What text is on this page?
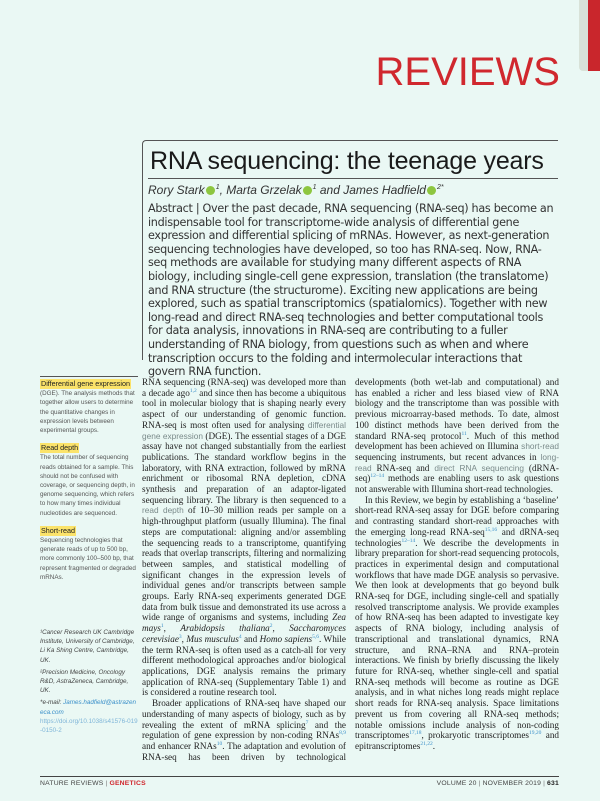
REVIEWS
RNA sequencing: the teenage years
Rory Stark $^1$, Marta Grzelak $^1$ and James Hadfield $^{2*}$
Abstract | Over the past decade, RNA sequencing (RNA-seq) has become an indispensable tool for transcriptome-wide analysis of differential gene expression and differential splicing of mRNAs. However, as next-generation sequencing technologies have developed, so too has RNA-seq. Now, RNA-seq methods are available for studying many different aspects of RNA biology, including single-cell gene expression, translation (the translatome) and RNA structure (the structurome). Exciting new applications are being explored, such as spatial transcriptomics (spatialomics). Together with new long-read and direct RNA-seq technologies and better computational tools for data analysis, innovations in RNA-seq are contributing to a fuller understanding of RNA biology, from questions such as when and where transcription occurs to the folding and intermolecular interactions that govern RNA function.
Differential gene expression
(DGE). The analysis methods that together allow users to determine the quantitative changes in expression levels between experimental groups.
Read depth
The total number of sequencing reads obtained for a sample. This should not be confused with coverage, or sequencing depth, in genome sequencing, which refers to how many times individual nucleotides are sequenced.
Short-read
Sequencing technologies that generate reads of up to 500 bp, more commonly 100–500 bp, that represent fragmented or degraded mRNAs.

¹Cancer Research UK Cambridge Institute, University of Cambridge, Li Ka Shing Centre, Cambridge, UK.

²Precision Medicine, Oncology R&D, AstraZeneca, Cambridge, UK.

*e-mail: James.hadfield@astrazeneca.com
https://doi.org/10.1038/s41576-019-0150-2

RNA sequencing (RNA-seq) was developed more than a decade ago$^{1,2}$ and since then has become a ubiquitous tool in molecular biology that is shaping nearly every aspect of our understanding of genomic function. RNA-seq is most often used for analysing differential gene expression (DGE). The essential stages of a DGE assay have not changed substantially from the earliest publications. The standard workflow begins in the laboratory, with RNA extraction, followed by mRNA enrichment or ribosomal RNA depletion, cDNA synthesis and preparation of an adaptor-ligated sequencing library. The library is then sequenced to a read depth of 10–30 million reads per sample on a high-throughput platform (usually Illumina). The final steps are computational: aligning and/or assembling the sequencing reads to a transcriptome, quantifying reads that overlap transcripts, filtering and normalizing between samples, and statistical modelling of significant changes in the expression levels of individual genes and/or transcripts between sample groups. Early RNA-seq experiments generated DGE data from bulk tissue and demonstrated its use across a wide range of organisms and systems, including Zea mays$^1$, Arabidopsis thaliana$^2$, Saccharomyces cerevisiae$^3$, Mus musculus$^4$ and Homo sapiens$^{5,6}$. While the term RNA-seq is often used as a catch-all for very different methodological approaches and/or biological applications, DGE analysis remains the primary application of RNA-seq (Supplementary Table 1) and is considered a routine research tool.

Broader applications of RNA-seq have shaped our understanding of many aspects of biology, such as by revealing the extent of mRNA splicing$^7$ and the regulation of gene expression by non-coding RNAs$^{8,9}$ and enhancer RNAs$^{10}$. The adaptation and evolution of RNA-seq has been driven by technological developments (both wet-lab and computational) and has enabled a richer and less biased view of RNA biology and the transcriptome than was possible with previous microarray-based methods. To date, almost 100 distinct methods have been derived from the standard RNA-seq protocol$^{11}$. Much of this method development has been achieved on Illumina short-read sequencing instruments, but recent advances in long-read RNA-seq and direct RNA sequencing (dRNA-seq)$^{12-14}$ methods are enabling users to ask questions not answerable with Illumina short-read technologies.

In this Review, we begin by establishing a ‘baseline’ short-read RNA-seq assay for DGE before comparing and contrasting standard short-read approaches with the emerging long-read RNA-seq$^{15,16}$ and dRNA-seq technologies$^{12-14}$. We describe the developments in library preparation for short-read sequencing protocols, practices in experimental design and computational workflows that have made DGE analysis so pervasive. We then look at developments that go beyond bulk RNA-seq for DGE, including single-cell and spatially resolved transcriptome analysis. We provide examples of how RNA-seq has been adapted to investigate key aspects of RNA biology, including analysis of transcriptional and translational dynamics, RNA structure, and RNA–RNA and RNA–protein interactions. We finish by briefly discussing the likely future for RNA-seq, whether single-cell and spatial RNA-seq methods will become as routine as DGE analysis, and in what niches long reads might replace short reads for RNA-seq analysis. Space limitations prevent us from covering all RNA-seq methods; notable omissions include analysis of non-coding transcriptomes$^{17,18}$, prokaryotic transcriptomes$^{19,20}$ and epitranscriptomes$^{21,22}$.

NATURE REVIEWS | GENETICS	VOLUME 20 | NOVEMBER 2019 | 631
